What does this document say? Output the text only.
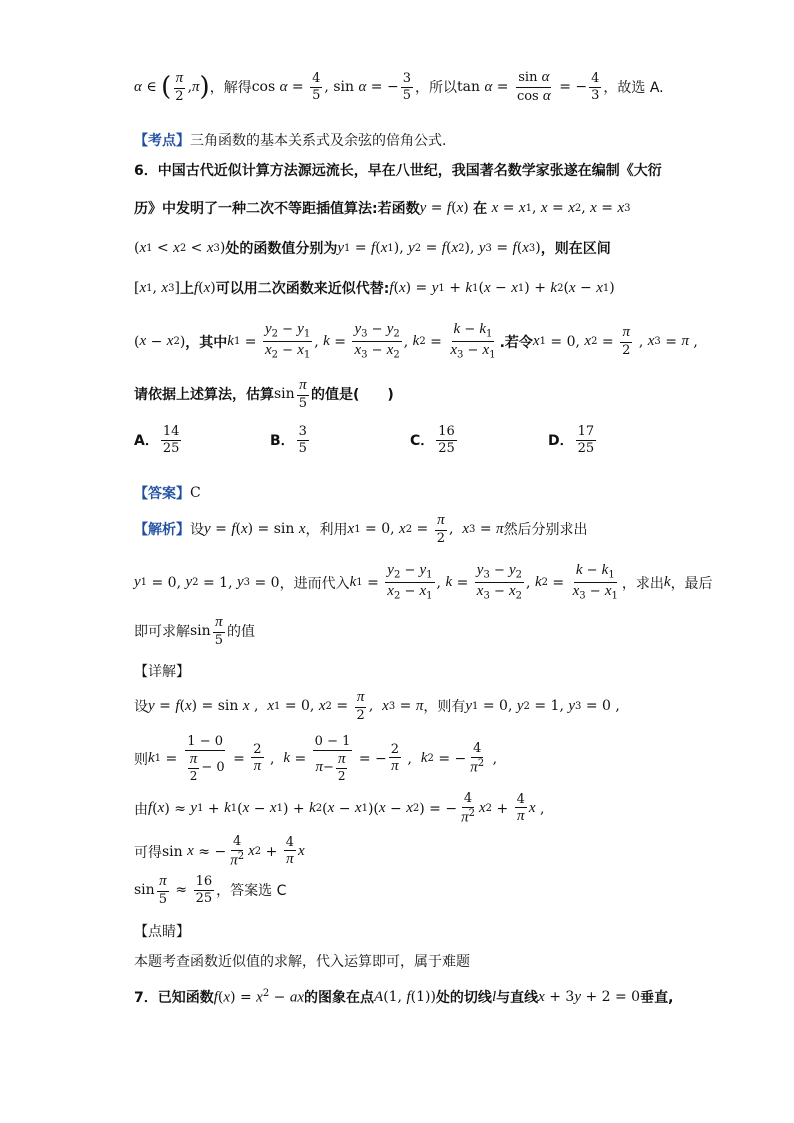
α ∈ ( $\frac{\pi}{2}$ , π ) ，解得 $\cos \alpha = \frac{4}{5}$ , sin α = − $\frac{3}{5}$ ，所以 $\tan \alpha = \frac{\text{sin α}}{\text{cos α}}$ = − $\frac{4}{3}$ ，故选 A.
【考点】 三角函数的基本关系式及余弦的倍角公式.
6． 中国古代近似计算方法源远流长，早在八世纪，我国著名数学家张遂在编制《大衍
历》中发明了一种二次不等距插值算法:若函数 y = f ( x ) 在
x = x 1 , x = x 2 , x = x 3
( x 1 < x 2 < x 3 ) 处的函数值分别为 y 1 = f ( x 1 ), y 2 = f ( x 2 ), y 3 = f ( x 3 ) ，则在区间
[ x 1 , x 3 ] 上 f ( x ) 可以用二次函数来近似代替: f ( x ) = y 1 + k 1 ( x − x 1 ) + k 2 ( x − x 1 )
( x − x 2 ) ，其中 k $1 = \frac{y_2 - y_1}{x_2 - x_1}$ , $k = \frac{y_3 - y_2}{x_3 - x_2}$ , k $2 = \frac{k - k_1}{x_3 - x_1}$ .若令 x 1 = 0, x $2 = \frac{\pi}{2}$ , x 3 = π ,
请依据上述算法，估算 $\sin \frac{\pi}{5}$ 的值是(　　)
A． $\frac{14}{25}$	B． $\frac{3}{5}$	C． $\frac{16}{25}$	D． $\frac{17}{25}$
【答案】 C
【解析】 设 y = f ( x ) = sin x ，利用 x 1 = 0, x $2 = \frac{\pi}{2}$ , x 3 = π 然后分别求出
y 1 = 0, y 2 = 1, y 3 = 0 ，进而代入 k $1 = \frac{y_2 - y_1}{x_2 - x_1}$ , $k = \frac{y_3 - y_2}{x_3 - x_2}$ , k $2 = \frac{k - k_1}{x_3 - x_1}$ ，求出 k ，最后
即可求解 $\sin \frac{\pi}{5}$ 的值
【详解】
设 y = f ( x ) = sin x , x 1 = 0, x $2 = \frac{\pi}{2}$ , x 3 = π ，则有 y 1 = 0, y 2 = 1, y 3 = 0 ,
则 k $1 = \frac{1 - 0}{\frac{\pi}{2} - 0} = \frac{2}{\pi}$ , $k = \frac{0 - 1}{\pi- \frac{\pi}{2}}$ = − $\frac{2}{\pi}$ , k 2 = − $\frac{4}{\pi^2}$ ,
由 f ( x ) ≈ y 1 + k 1 ( x − x 1 ) + k 2 ( x − x 1 )( x − x 2 ) = − $\frac{4}{\pi^2}$ x $2 + \frac{4}{\pi}$ x ,
可得 sin x ≈ − $\frac{4}{\pi^2}$ x $2 + \frac{4}{\pi}$ x
$\sin \frac{\pi}{5} \approx \frac{16}{25}$ ，答案选 C
【点睛】
本题考查函数近似值的求解，代入运算即可，属于难题
7． 已知函数 $f(x) = x^2$ − ax 的图象在点 A(1, f(1)) 处的切线 l 与直线 x + 3y + 2 = 0 垂直,
